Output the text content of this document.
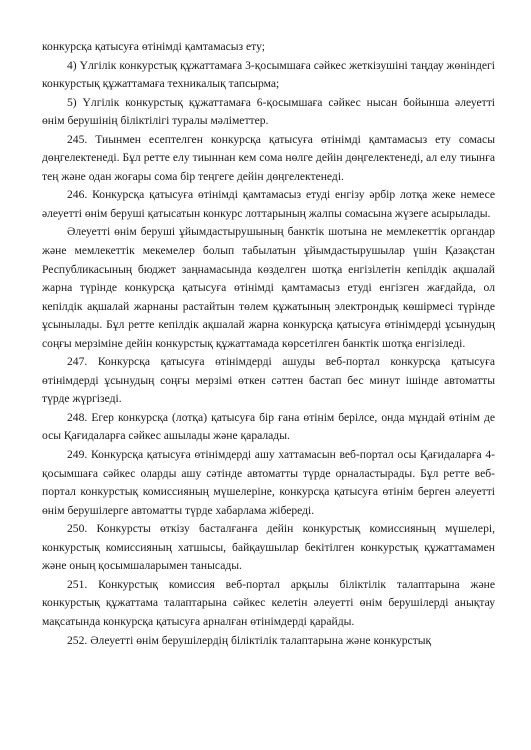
конкурсқа қатысуға өтінімді қамтамасыз ету;

4) Үлгілік конкурстық құжаттамаға 3-қосымшаға сәйкес жеткізушіні таңдау жөніндегі конкурстық құжаттамаға техникалық тапсырма;

5) Үлгілік конкурстық құжаттамаға 6-қосымшаға сәйкес нысан бойынша әлеуетті өнім берушінің біліктілігі туралы мәліметтер.

245. Тиынмен есептелген конкурсқа қатысуға өтінімді қамтамасыз ету сомасы дөңгелектенеді. Бұл ретте елу тиыннан кем сома нөлге дейін дөңгелектенеді, ал елу тиынға тең және одан жоғары сома бір теңгеге дейін дөңгелектенеді.

246. Конкурсқа қатысуға өтінімді қамтамасыз етуді енгізу әрбір лотқа жеке немесе әлеуетті өнім беруші қатысатын конкурс лоттарының жалпы сомасына жүзеге асырылады.

Әлеуетті өнім беруші ұйымдастырушының банктік шотына не мемлекеттік органдар және мемлекеттік мекемелер болып табылатын ұйымдастырушылар үшін Қазақстан Республикасының бюджет заңнамасында көзделген шотқа енгізілетін кепілдік ақшалай жарна түрінде конкурсқа қатысуға өтінімді қамтамасыз етуді енгізген жағдайда, ол кепілдік ақшалай жарнаны растайтын төлем құжатының электрондық көшірмесі түрінде ұсынылады. Бұл ретте кепілдік ақшалай жарна конкурсқа қатысуға өтінімдерді ұсынудың соңғы мерзіміне дейін конкурстық құжаттамада көрсетілген банктік шотқа енгізіледі.

247. Конкурсқа қатысуға өтінімдерді ашуды веб-портал конкурсқа қатысуға өтінімдерді ұсынудың соңғы мерзімі өткен сәттен бастап бес минут ішінде автоматты түрде жүргізеді.

248. Егер конкурсқа (лотқа) қатысуға бір ғана өтінім берілсе, онда мұндай өтінім де осы Қағидаларға сәйкес ашылады және қаралады.

249. Конкурсқа қатысуға өтінімдерді ашу хаттамасын веб-портал осы Қағидаларға 4-қосымшаға сәйкес оларды ашу сәтінде автоматты түрде орналастырады. Бұл ретте веб-портал конкурстық комиссияның мүшелеріне, конкурсқа қатысуға өтінім берген әлеуетті өнім берушілерге автоматты түрде хабарлама жібереді.

250. Конкурсты өткізу басталғанға дейін конкурстық комиссияның мүшелері, конкурстық комиссияның хатшысы, байқаушылар бекітілген конкурстық құжаттамамен және оның қосымшаларымен танысады.

251. Конкурстық комиссия веб-портал арқылы біліктілік талаптарына және конкурстық құжаттама талаптарына сәйкес келетін әлеуетті өнім берушілерді анықтау мақсатында конкурсқа қатысуға арналған өтінімдерді қарайды.

252. Әлеуетті өнім берушілердің біліктілік талаптарына және конкурстық
